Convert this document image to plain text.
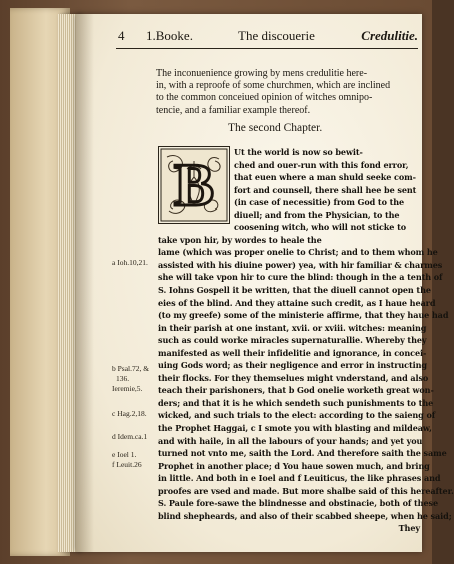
4 1.Booke.	The discouerie	Credulitie.
The inconuenience growing by mens credulitie here-
in, with a reproofe of some churchmen, which are inclined
to the common conceiued opinion of witches omnipo-
tencie, and a familiar example thereof.
The second Chapter.
Ut the world is now so bewit-
ched and ouer-run with this fond error,
that euen where a man shuld seeke com-
fort and counsell, there shall hee be sent
(in case of necessitie) from God to the
diuell; and from the Physician, to the
coosening witch, who will not sticke to
take vpon hir, by wordes to heale the
lame (which was proper onelie to Christ; and to them whom he
assisted with his diuine power) yea, with hir familiar & charmes
she will take vpon hir to cure the blind: though in the a tenth of
S. Iohns Gospell it be written, that the diuell cannot open the
eies of the blind. And they attaine such credit, as I haue heard
(to my greefe) some of the ministerie affirme, that they haue had
in their parish at one instant, xvii. or xviii. witches: meaning
such as could worke miracles supernaturallie. Whereby they
manifested as well their infidelitie and ignorance, in concei-
uing Gods word; as their negligence and error in instructing
their flocks. For they themselues might vnderstand, and also
teach their parishoners, that b God onelie worketh great won-
ders; and that it is he which sendeth such punishments to the
wicked, and such trials to the elect: according to the saieng of
the Prophet Haggai, c I smote you with blasting and mildeaw,
and with haile, in all the labours of your hands; and yet you
turned not vnto me, saith the Lord. And therefore saith the same
Prophet in another place; d You haue sowen much, and bring
in little. And both in e Ioel and f Leuiticus, the like phrases and
proofes are vsed and made. But more shalbe said of this hereafter.
S. Paule fore-sawe the blindnesse and obstinacie, both of these
blind shepheards, and also of their scabbed sheepe, when he said;
They
B
a Ioh.10,21.
b Psal.72, &
136.
Ieremie,5.
c Hag.2,18.
d Idem.ca.1
e Ioel 1.
f Leuit.26
